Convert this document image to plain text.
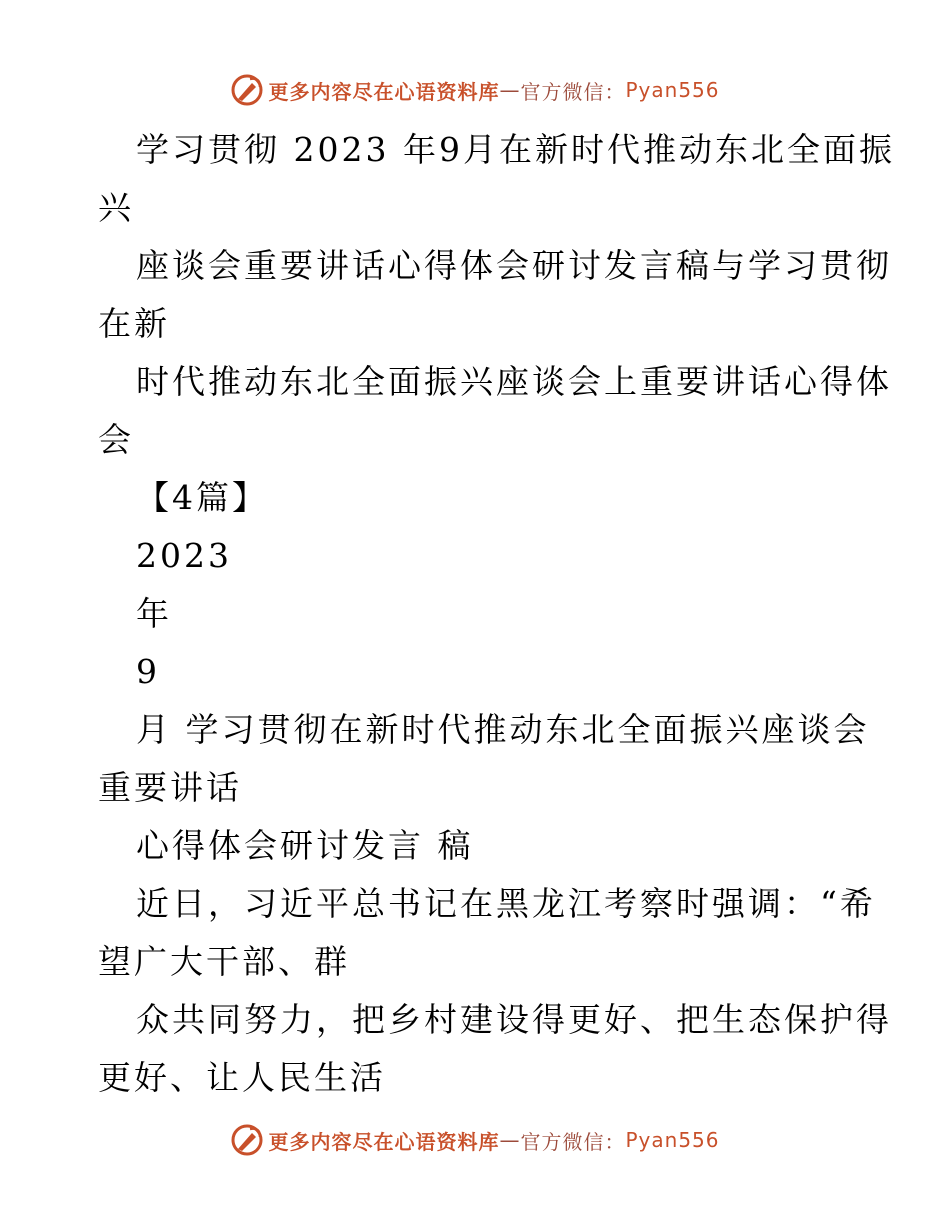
更多内容尽在心语资料库 — 官方微信： Pyan556
学习贯彻 2023 年9月在新时代推动东北全面振
兴
座谈会重要讲话心得体会研讨发言稿与学习贯彻
在新
时代推动东北全面振兴座谈会上重要讲话心得体
会
【4篇】
2023
年
9
月 学习贯彻在新时代推动东北全面振兴座谈会
重要讲话
心得体会研讨发言 稿
近日，习近平总书记在黑龙江考察时强调：“希
望广大干部、群
众共同努力，把乡村建设得更好、把生态保护得
更好、让人民生活
更多内容尽在心语资料库 — 官方微信： Pyan556
